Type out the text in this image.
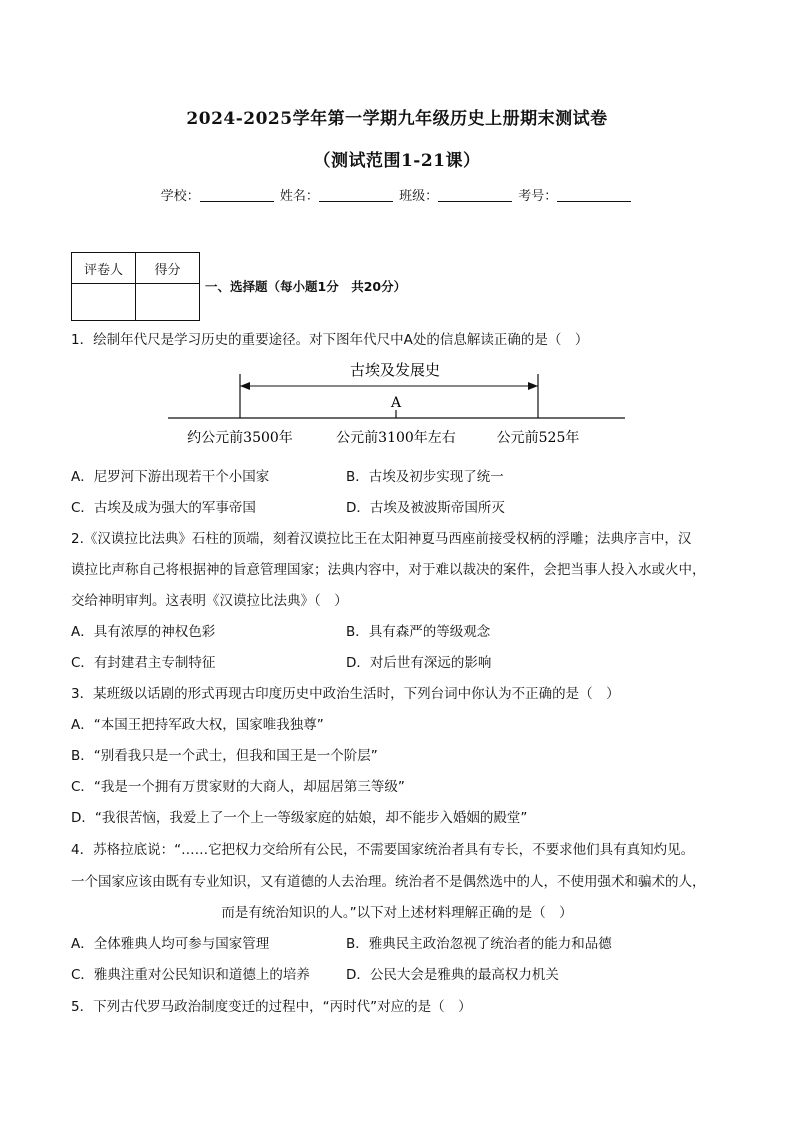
2024-2025学年第一学期九年级历史上册期末测试卷
（测试范围1-21课）
学校：	姓名：	班级：	考号：
评卷人	得分

一、选择题（每小题1分　共20分）
1．绘制年代尺是学习历史的重要途径。对下图年代尺中A处的信息解读正确的是（　）
古埃及发展史
A
约公元前3500年	公元前3100年左右	公元前525年
A．尼罗河下游出现若干个小国家	B．古埃及初步实现了统一
C．古埃及成为强大的军事帝国	D．古埃及被波斯帝国所灭
2.《汉谟拉比法典》石柱的顶端，刻着汉谟拉比王在太阳神夏马西座前接受权柄的浮雕；法典序言中，汉
谟拉比声称自己将根据神的旨意管理国家；法典内容中，对于难以裁决的案件，会把当事人投入水或火中，
交给神明审判。这表明《汉谟拉比法典》（　）
A．具有浓厚的神权色彩	B．具有森严的等级观念
C．有封建君主专制特征	D．对后世有深远的影响
3．某班级以话剧的形式再现古印度历史中政治生活时，下列台词中你认为不正确的是（　）
A．“本国王把持军政大权，国家唯我独尊”
B．“别看我只是一个武士，但我和国王是一个阶层”
C．“我是一个拥有万贯家财的大商人，却屈居第三等级”
D．“我很苦恼，我爱上了一个上一等级家庭的姑娘，却不能步入婚姻的殿堂”
4．苏格拉底说：“……它把权力交给所有公民，不需要国家统治者具有专长，不要求他们具有真知灼见。
一个国家应该由既有专业知识，又有道德的人去治理。统治者不是偶然选中的人，不使用强术和骗术的人，
而是有统治知识的人。”以下对上述材料理解正确的是（　）
A．全体雅典人均可参与国家管理	B．雅典民主政治忽视了统治者的能力和品德
C．雅典注重对公民知识和道德上的培养	D．公民大会是雅典的最高权力机关
5．下列古代罗马政治制度变迁的过程中，“丙时代”对应的是（　）
